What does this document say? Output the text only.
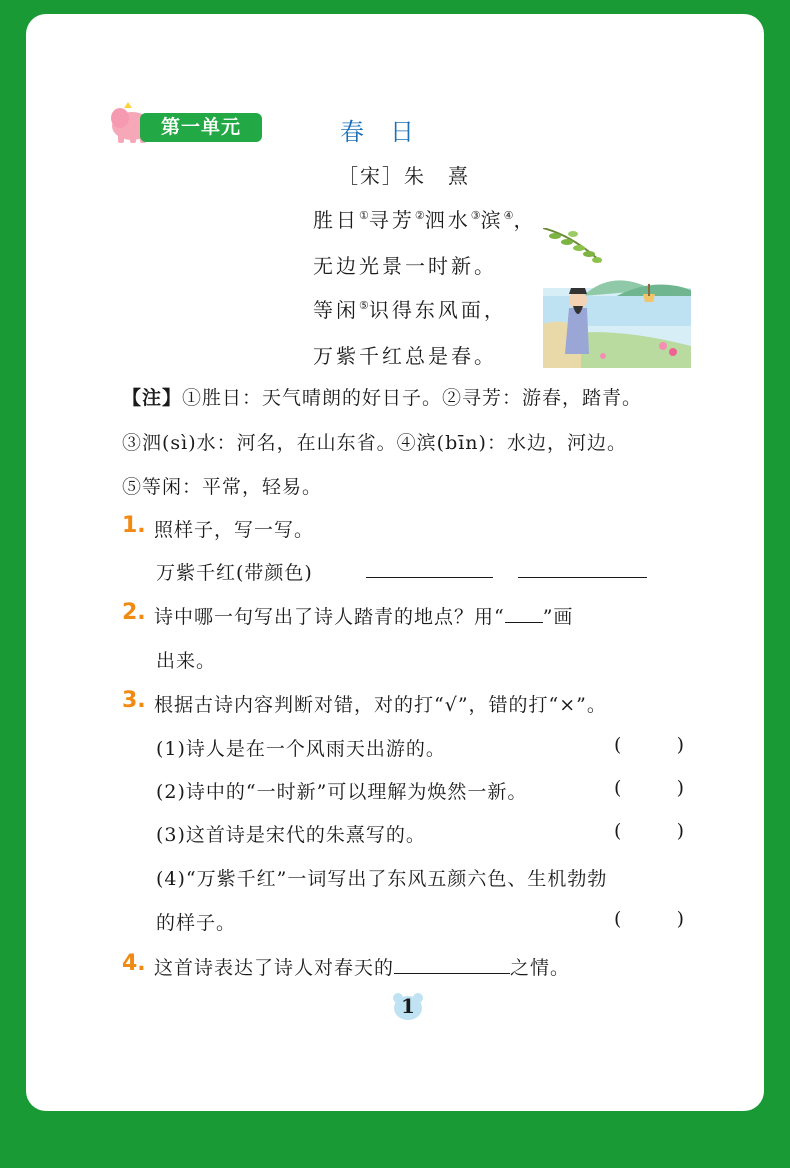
第一单元	春日
［宋］朱　熹
胜日①寻芳②泗水③滨④，
无边光景一时新。
等闲⑤识得东风面，
万紫千红总是春。
【注】①胜日：天气晴朗的好日子。②寻芳：游春，踏青。
③泗(sì)水：河名，在山东省。④滨(bīn)：水边，河边。
⑤等闲：平常，轻易。
1. 照样子，写一写。
万紫千红(带颜色)
2. 诗中哪一句写出了诗人踏青的地点？用“ ”画
出来。
3. 根据古诗内容判断对错，对的打“√”，错的打“×”。
(1)诗人是在一个风雨天出游的。	(	)
(2)诗中的“一时新”可以理解为焕然一新。	(	)
(3)这首诗是宋代的朱熹写的。	(	)
(4)“万紫千红”一词写出了东风五颜六色、生机勃勃
的样子。	(	)
4. 这首诗表达了诗人对春天的	之情。
1
